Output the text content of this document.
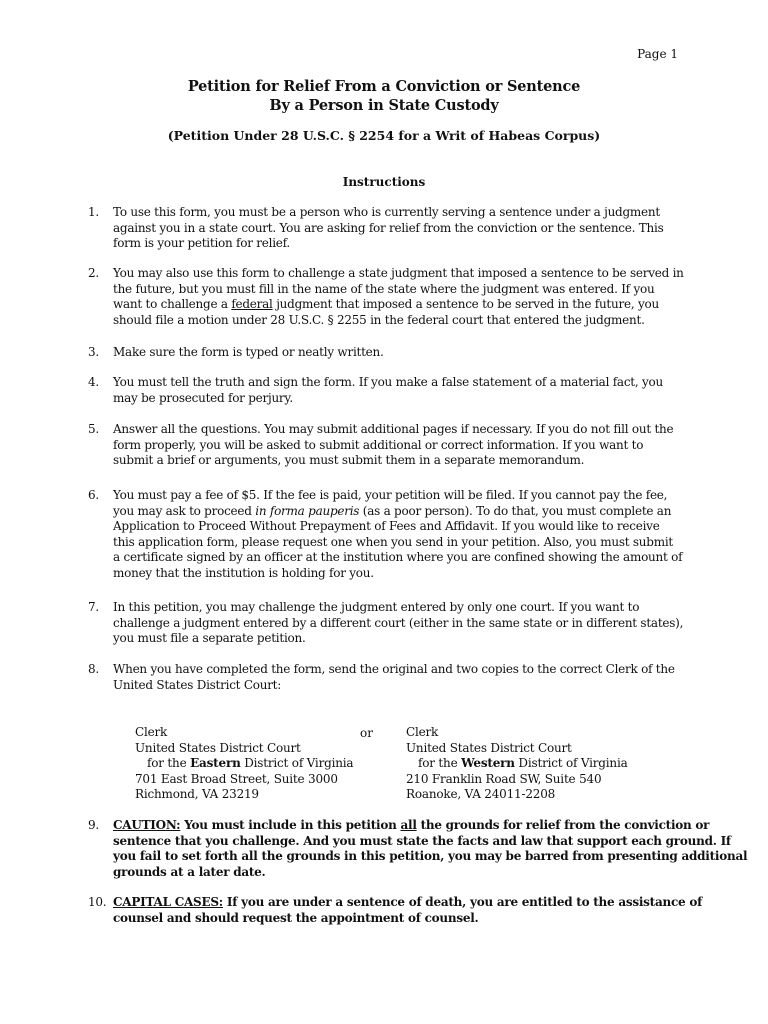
Page 1
Petition for Relief From a Conviction or Sentence
By a Person in State Custody
(Petition Under 28 U.S.C. § 2254 for a Writ of Habeas Corpus)
Instructions
1. To use this form, you must be a person who is currently serving a sentence under a judgment
against you in a state court. You are asking for relief from the conviction or the sentence. This
form is your petition for relief.
2. You may also use this form to challenge a state judgment that imposed a sentence to be served in
the future, but you must fill in the name of the state where the judgment was entered. If you
want to challenge a federal judgment that imposed a sentence to be served in the future, you
should file a motion under 28 U.S.C. § 2255 in the federal court that entered the judgment.
3. Make sure the form is typed or neatly written.
4. You must tell the truth and sign the form. If you make a false statement of a material fact, you
may be prosecuted for perjury.
5. Answer all the questions. You may submit additional pages if necessary. If you do not fill out the
form properly, you will be asked to submit additional or correct information. If you want to
submit a brief or arguments, you must submit them in a separate memorandum.
6. You must pay a fee of $5. If the fee is paid, your petition will be filed. If you cannot pay the fee,
you may ask to proceed in forma pauperis (as a poor person). To do that, you must complete an
Application to Proceed Without Prepayment of Fees and Affidavit. If you would like to receive
this application form, please request one when you send in your petition. Also, you must submit
a certificate signed by an officer at the institution where you are confined showing the amount of
money that the institution is holding for you.
7. In this petition, you may challenge the judgment entered by only one court. If you want to
challenge a judgment entered by a different court (either in the same state or in different states),
you must file a separate petition.
8. When you have completed the form, send the original and two copies to the correct Clerk of the
United States District Court:
Clerk
United States District Court
for the Eastern District of Virginia
701 East Broad Street, Suite 3000
Richmond, VA 23219
or	Clerk
United States District Court
for the Western District of Virginia
210 Franklin Road SW, Suite 540
Roanoke, VA 24011-2208
9. CAUTION: You must include in this petition all the grounds for relief from the conviction or
sentence that you challenge. And you must state the facts and law that support each ground. If
you fail to set forth all the grounds in this petition, you may be barred from presenting additional
grounds at a later date.
10. CAPITAL CASES: If you are under a sentence of death, you are entitled to the assistance of
counsel and should request the appointment of counsel.
